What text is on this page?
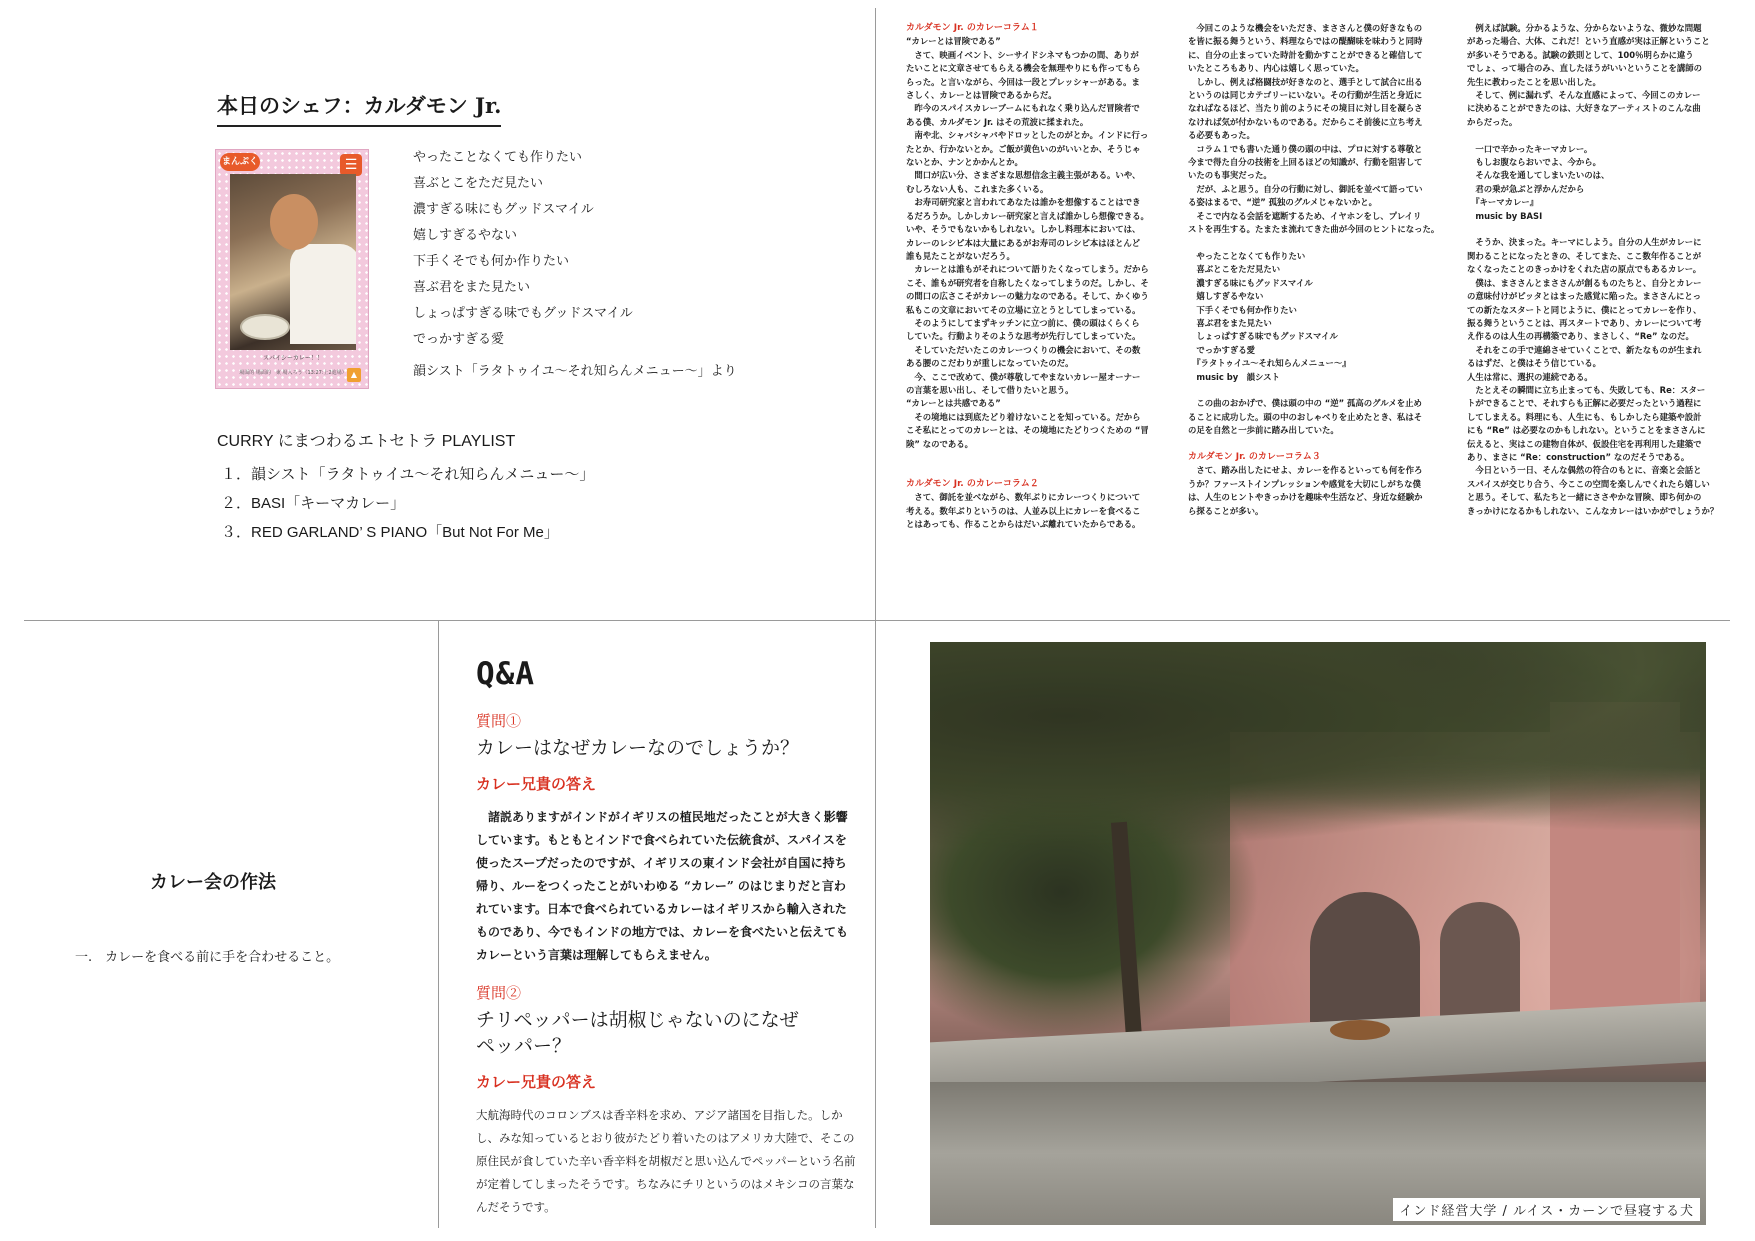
本日のシェフ：カルダモン Jr.
まんぷく	☰
スパイシーカレー！！
場面的 場面的　東 場入ろう（13:27:上2進場） ▲
やったことなくても作りたい
喜ぶとこをただ見たい
濃すぎる味にもグッドスマイル
嬉しすぎるやない
下手くそでも何か作りたい
喜ぶ君をまた見たい
しょっぱすぎる味でもグッドスマイル
でっかすぎる愛
韻シスト「ラタトゥイユ〜それ知らんメニュー〜」より
CURRY にまつわるエトセトラ PLAYLIST
１．韻シスト「ラタトゥイユ〜それ知らんメニュー〜」
２．BASI「キーマカレー」
３．RED GARLAND’ S PIANO「But Not For Me」

カルダモン Jr. のカレーコラム１

“カレーとは冒険である”

　さて、映画イベント、シーサイドシネマもつかの間、ありが

たいことに文章させてもらえる機会を無理やりにも作ってもら

らった。と言いながら、今回は一段とプレッシャーがある。ま

さしく、カレーとは冒険であるからだ。

　昨今のスパイスカレーブームにもれなく乗り込んだ冒険者で

ある僕、カルダモン Jr. はその荒波に揉まれた。

　南や北、シャバシャバやドロッとしたのがとか。インドに行っ

たとか、行かないとか。ご飯が黄色いのがいいとか、そうじゃ

ないとか、ナンとかかんとか。

　間口が広い分、さまざまな思想信念主義主張がある。いや、

むしろない人も、これまた多くいる。

　お寿司研究家と言われてあなたは誰かを想像することはでき

るだろうか。しかしカレー研究家と言えば誰かしら想像できる。

いや、そうでもないかもしれない。しかし料理本においては、

カレーのレシピ本は大量にあるがお寿司のレシピ本はほとんど

誰も見たことがないだろう。

　カレーとは誰もがそれについて語りたくなってしまう。だから

こそ、誰もが研究者を自称したくなってしまうのだ。しかし、そ

の間口の広さこそがカレーの魅力なのである。そして、かくゆう

私もこの文章においてその立場に立とうとしてしまっている。

　そのようにしてまずキッチンに立つ前に、僕の頭はくらくら

していた。行動よりそのような思考が先行してしまっていた。

　そしていただいたこのカレーつくりの機会において、その数

ある腰のこだわりが重しになっていたのだ。

　今、ここで改めて、僕が尊敬してやまないカレー屋オーナー

の言葉を思い出し、そして借りたいと思う。

“カレーとは共感である”

　その境地には到底たどり着けないことを知っている。だから

こそ私にとってのカレーとは、その境地にたどりつくための “冒

険” なのである。

カルダモン Jr. のカレーコラム２

　さて、御託を並べながら、数年ぶりにカレーつくりについて

考える。数年ぶりというのは、人並み以上にカレーを食べるこ

とはあっても、作ることからはだいぶ離れていたからである。

　今回このような機会をいただき、まささんと僕の好きなもの

を皆に振る舞うという、料理ならではの醍醐味を味わうと同時

に、自分の止まっていた時計を動かすことができると確信して

いたところもあり、内心は嬉しく思っていた。

　しかし、例えば格闘技が好きなのと、選手として試合に出る

というのは同じカテゴリーにいない。その行動が生活と身近に

なればなるほど、当たり前のようにその境目に対し目を凝らさ

なければ気が付かないものである。だからこそ前後に立ち考え

る必要もあった。

　コラム１でも書いた通り僕の頭の中は、プロに対する尊敬と

今まで得た自分の技術を上回るほどの知識が、行動を阻害して

いたのも事実だった。

　だが、ふと思う。自分の行動に対し、御託を並べて語ってい

る姿はまるで、“逆” 孤独のグルメじゃないかと。

　そこで内なる会話を遮断するため、イヤホンをし、プレイリ

ストを再生する。たまたま流れてきた曲が今回のヒントになった。

　やったことなくても作りたい

　喜ぶとこをただ見たい

　濃すぎる味にもグッドスマイル

　嬉しすぎるやない

　下手くそでも何か作りたい

　喜ぶ君をまた見たい

　しょっぱすぎる味でもグッドスマイル

　でっかすぎる愛

　『ラタトゥイユ〜それ知らんメニュー〜』

　music by　韻シスト

　この曲のおかげで、僕は頭の中の “逆” 孤高のグルメを止め

ることに成功した。頭の中のおしゃべりを止めたとき、私はそ

の足を自然と一歩前に踏み出していた。

カルダモン Jr. のカレーコラム３

　さて、踏み出したにせよ、カレーを作るといっても何を作ろ

うか？ファーストインプレッションや感覚を大切にしがちな僕

は、人生のヒントやきっかけを趣味や生活など、身近な経験か

ら探ることが多い。

　例えば試験。分かるような、分からないような、微妙な問題

があった場合、大体、これだ！という直感が実は正解ということ

が多いそうである。試験の鉄則として、100％明らかに違う

でしょ、って場合のみ、直したほうがいいということを講師の

先生に教わったことを思い出した。

　そして、例に漏れず、そんな直感によって、今回このカレー

に決めることができたのは、大好きなアーティストのこんな曲

からだった。

　一口で辛かったキーマカレー。

　もしお腹ならおいでよ、今から。

　そんな我を通してしまいたいのは、

　君の乗が急ぶと浮かんだから

　『キーマカレー』

　music by BASI

　そうか、決まった。キーマにしよう。自分の人生がカレーに

関わることになったときの、そしてまた、ここ数年作ることが

なくなったことのきっかけをくれた店の原点でもあるカレー。

　僕は、まささんとまささんが創るものたちと、自分とカレー

の意味付けがピッタとはまった感覚に陥った。まささんにとっ

ての新たなスタートと同じように、僕にとってカレーを作り、

振る舞うということは、再スタートであり、カレーについて考

え作るのは人生の再構築であり、まさしく、“Re” なのだ。

　それをこの手で連綿させていくことで、新たなものが生まれ

るはずだ、と僕はそう信じている。

人生は常に、選択の連続である。

　たとえその瞬間に立ち止まっても、失敗しても、Re：スター

トができることで、それすらも正解に必要だったという過程に

してしまえる。料理にも、人生にも、もしかしたら建築や設計

にも “Re” は必要なのかもしれない。ということをまささんに

伝えると、実はこの建物自体が、仮設住宅を再利用した建築で

あり、まさに “Re：construction” なのだそうである。

　今日という一日、そんな偶然の符合のもとに、音楽と会話と

スパイスが交じり合う、今ここの空間を楽しんでくれたら嬉しい

と思う。そして、私たちと一緒にささやかな冒険、即ち何かの

きっかけになるかもしれない、こんなカレーはいかがでしょうか？

カレー会の作法
一.　カレーを食べる前に手を合わせること。
Q&A
質問①
カレーはなぜカレーなのでしょうか？
カレー兄貴の答え
　諸説ありますがインドがイギリスの植民地だったことが大きく影響しています。もともとインドで食べられていた伝統食が、スパイスを使ったスープだったのですが、イギリスの東インド会社が自国に持ち帰り、ルーをつくったことがいわゆる “カレー” のはじまりだと言われています。日本で食べられているカレーはイギリスから輸入されたものであり、今でもインドの地方では、カレーを食べたいと伝えてもカレーという言葉は理解してもらえません。
質問②
チリペッパーは胡椒じゃないのになぜペッパー？
カレー兄貴の答え
大航海時代のコロンブスは香辛料を求め、アジア諸国を目指した。しかし、みな知っているとおり彼がたどり着いたのはアメリカ大陸で、そこの原住民が食していた辛い香辛料を胡椒だと思い込んでペッパーという名前が定着してしまったそうです。ちなみにチリというのはメキシコの言葉なんだそうです。	インド経営大学 / ルイス・カーンで昼寝する犬
